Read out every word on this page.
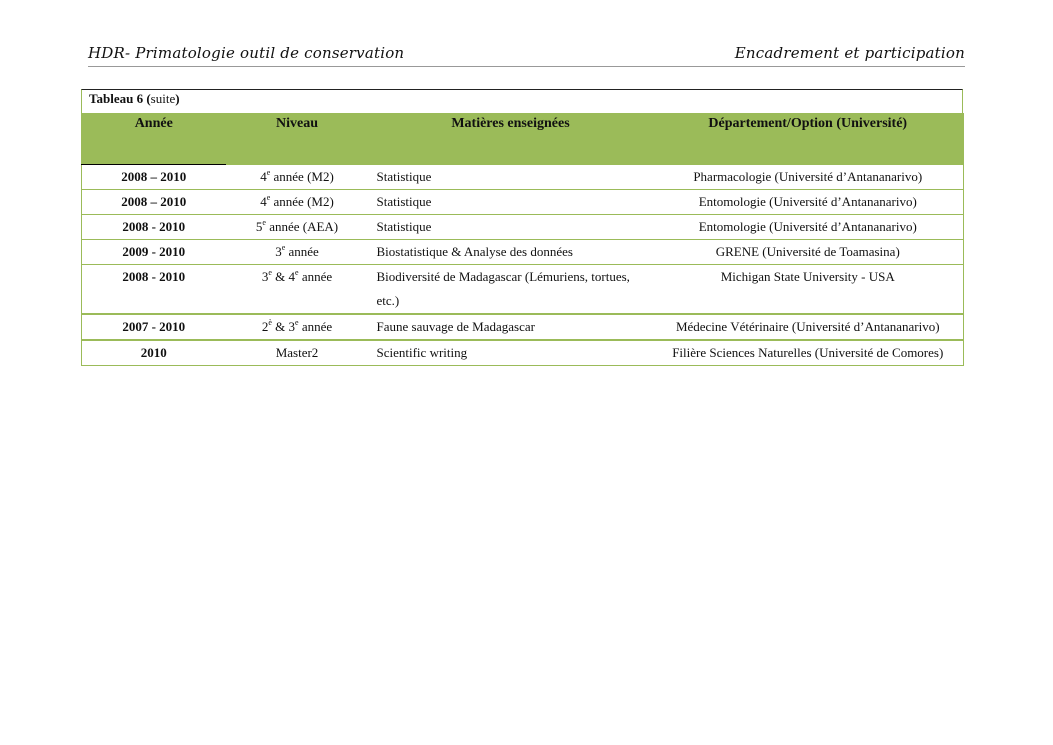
HDR- Primatologie outil de conservation	Encadrement et participation
Tableau 6 (suite)
Année	Niveau	Matières enseignées	Département/Option (Université)
2008 – 2010	4e année (M2)	Statistique	Pharmacologie (Université d’Antananarivo)
2008 – 2010	4e année (M2)	Statistique	Entomologie (Université d’Antananarivo)
2008 - 2010	5e année (AEA)	Statistique	Entomologie (Université d’Antananarivo)
2009 - 2010	3e année	Biostatistique & Analyse des données	GRENE (Université de Toamasina)
2008 - 2010	3e & 4e année	Biodiversité de Madagascar (Lémuriens, tortues, etc.)	Michigan State University - USA
2007 - 2010	$2^è$ & 3e année	Faune sauvage de Madagascar	Médecine Vétérinaire (Université d’Antananarivo)
2010	Master2	Scientific writing	Filière Sciences Naturelles (Université de Comores)
